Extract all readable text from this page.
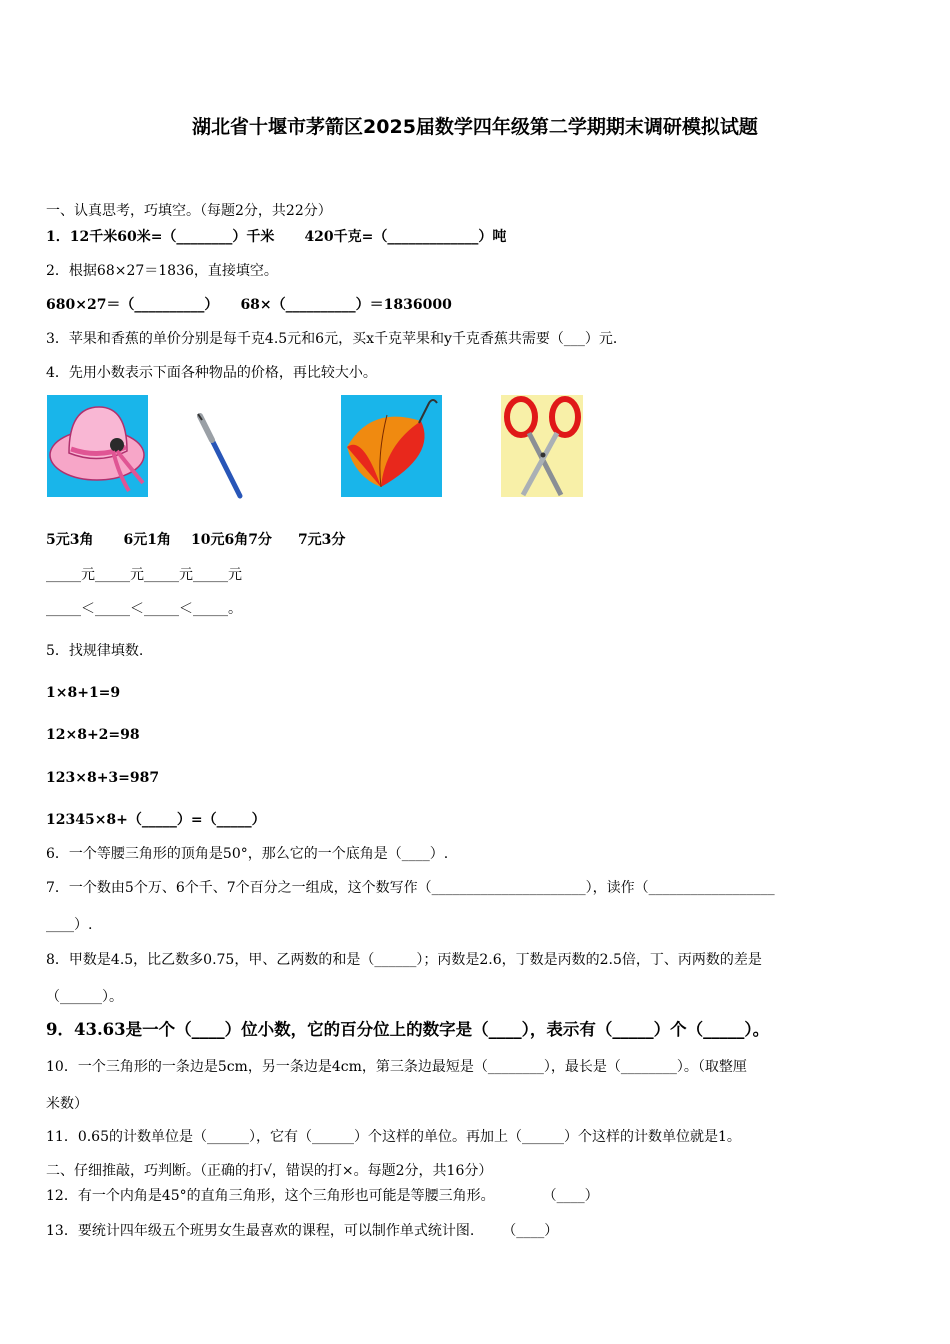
湖北省十堰市茅箭区2025届数学四年级第二学期期末调研模拟试题
一、认真思考，巧填空。（每题2分，共22分）
1．12千米60米=（________）千米 420千克=（_____________）吨
2．根据68×27＝1836，直接填空。
680×27＝（__________） 68×（__________）＝1836000
3．苹果和香蕉的单价分别是每千克4.5元和6元，买x千克苹果和y千克香蕉共需要（___）元．
4．先用小数表示下面各种物品的价格，再比较大小。
5元3角 6元1角 10元6角7分 7元3分
_____元_____元_____元_____元
_____＜_____＜_____＜_____。
5．找规律填数.
1×8+1=9
12×8+2=98
123×8+3=987
12345×8+（_____）=（_____）
6．一个等腰三角形的顶角是50°，那么它的一个底角是（____）.
7．一个数由5个万、6个千、7个百分之一组成，这个数写作（______________________），读作（__________________
____）.
8．甲数是4.5，比乙数多0.75，甲、乙两数的和是（______）；丙数是2.6，丁数是丙数的2.5倍，丁、丙两数的差是
（______）。
9．43.63是一个（____）位小数，它的百分位上的数字是（____），表示有（_____）个（_____）。
10．一个三角形的一条边是5cm，另一条边是4cm，第三条边最短是（________），最长是（________）。（取整厘
米数）
11．0.65的计数单位是（______），它有（______）个这样的单位。再加上（______）个这样的计数单位就是1。
二、仔细推敲，巧判断。（正确的打√，错误的打×。每题2分，共16分）
12．有一个内角是45°的直角三角形，这个三角形也可能是等腰三角形。	（____）
13．要统计四年级五个班男女生最喜欢的课程，可以制作单式统计图. （____）
